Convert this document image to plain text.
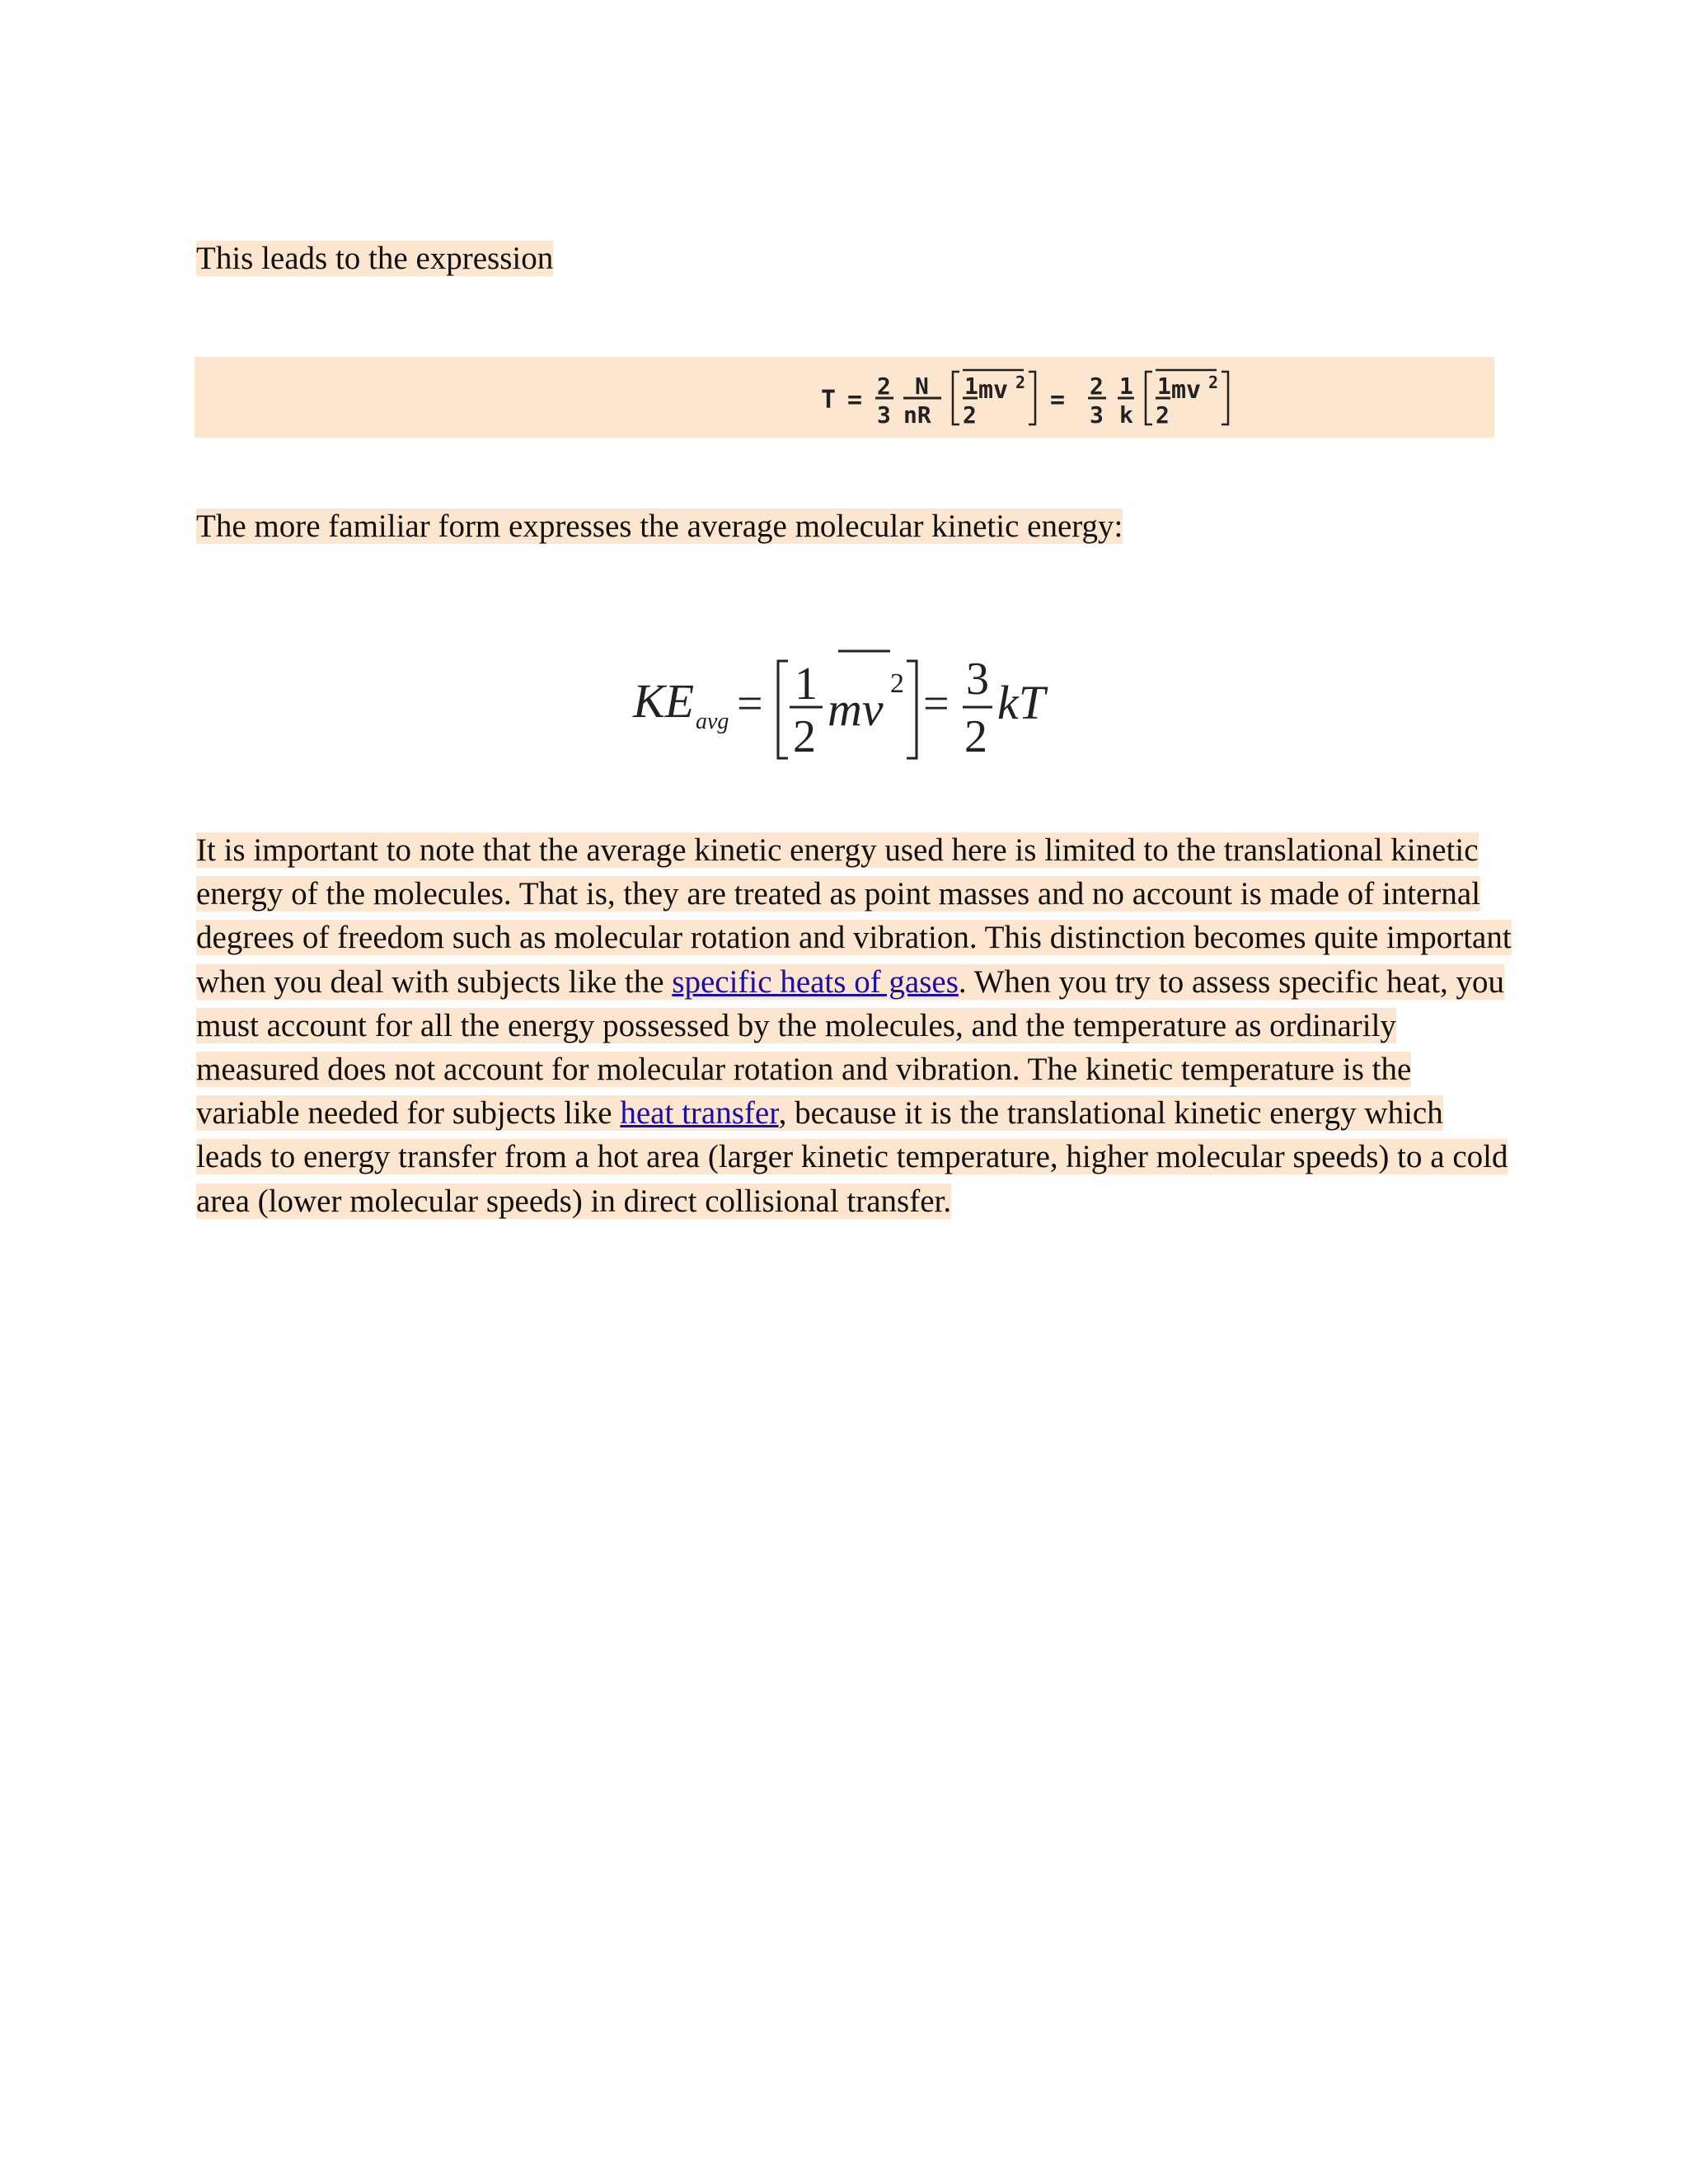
This leads to the expression
T = 2
3
N
nR
1
2
mv 2
= 2
3
1
k
1
2
mv 2
The more familiar form expresses the average molecular kinetic energy:
KE avg = 1
2
mv 2 = 3
2
kT
It is important to note that the average kinetic energy used here is limited to the translational kinetic energy of the molecules. That is, they are treated as point masses and no account is made of internal degrees of freedom such as molecular rotation and vibration. This distinction becomes quite important when you deal with subjects like the specific heats of gases. When you try to assess specific heat, you must account for all the energy possessed by the molecules, and the temperature as ordinarily measured does not account for molecular rotation and vibration. The kinetic temperature is the variable needed for subjects like heat transfer, because it is the translational kinetic energy which leads to energy transfer from a hot area (larger kinetic temperature, higher molecular speeds) to a cold area (lower molecular speeds) in direct collisional transfer.
